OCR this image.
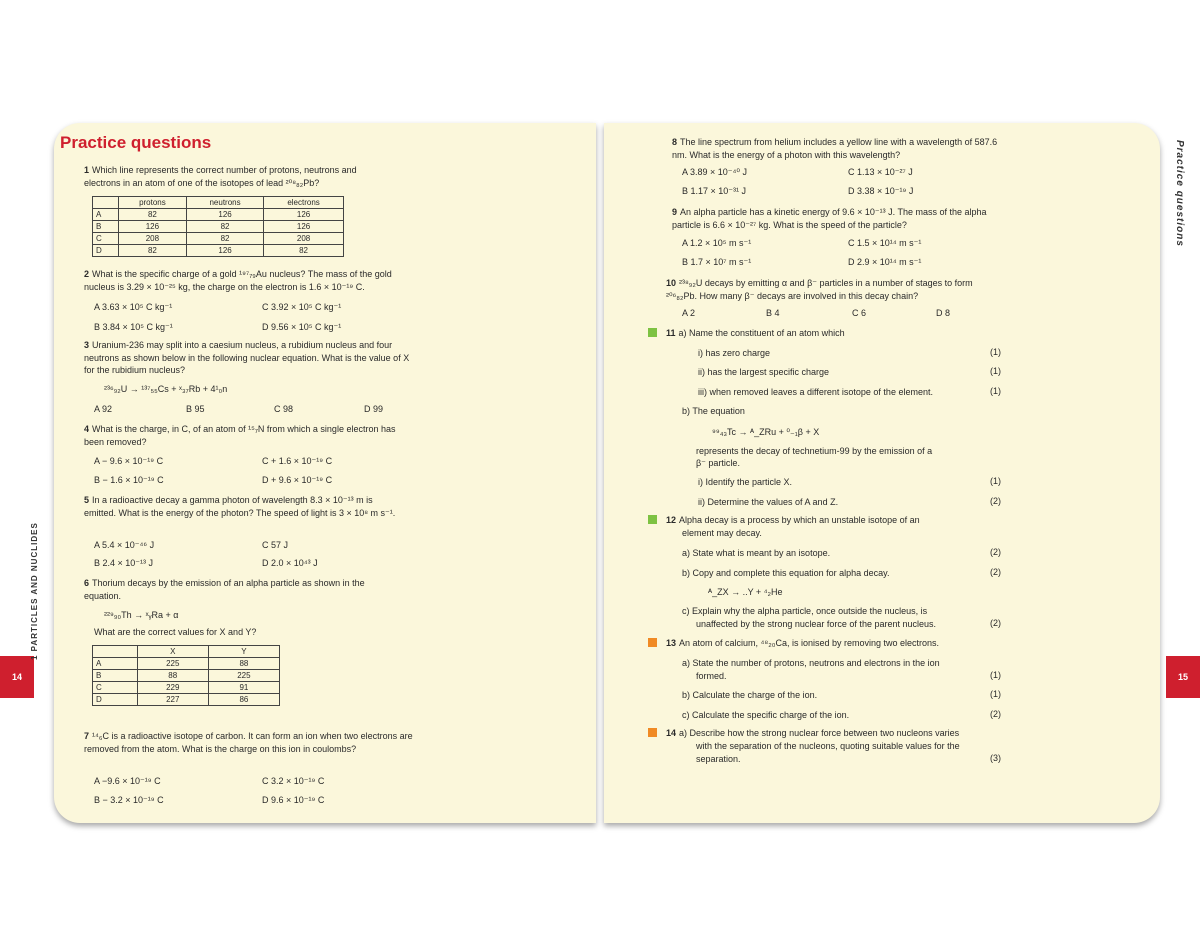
14	15
1 PARTICLES AND NUCLIDES
Practice questions
Practice questions
1 Which line represents the correct number of protons, neutrons and electrons in an atom of one of the isotopes of lead ²⁰⁸₈₂Pb?
	protons	neutrons	electrons
A	82	126	126
B	126	82	126
C	208	82	208
D	82	126	82
2 What is the specific charge of a gold ¹⁹⁷₇₉Au nucleus? The mass of the gold nucleus is 3.29 × 10⁻²⁵ kg, the charge on the electron is 1.6 × 10⁻¹⁹ C.
A 3.63 × 10⁵ C kg⁻¹	C 3.92 × 10⁵ C kg⁻¹
B 3.84 × 10⁵ C kg⁻¹	D 9.56 × 10⁵ C kg⁻¹
3 Uranium-236 may split into a caesium nucleus, a rubidium nucleus and four neutrons as shown below in the following nuclear equation. What is the value of X for the rubidium nucleus?
²³⁶₉₂U → ¹³⁷₅₅Cs + ˣ₃₇Rb + 4¹₀n
A 92	B 95	C 98	D 99
4 What is the charge, in C, of an atom of ¹⁵₇N from which a single electron has been removed?
A − 9.6 × 10⁻¹⁹ C	C + 1.6 × 10⁻¹⁹ C
B − 1.6 × 10⁻¹⁹ C	D + 9.6 × 10⁻¹⁹ C
5 In a radioactive decay a gamma photon of wavelength 8.3 × 10⁻¹³ m is emitted. What is the energy of the photon? The speed of light is 3 × 10⁸ m s⁻¹.
A 5.4 × 10⁻⁴⁶ J	C 57 J
B 2.4 × 10⁻¹³ J	D 2.0 × 10⁴³ J
6 Thorium decays by the emission of an alpha particle as shown in the equation.
²²⁹₉₀Th → ˣᵧRa + α
What are the correct values for X and Y?
	X	Y
A	225	88
B	88	225
C	229	91
D	227	86
7 ¹⁴₆C is a radioactive isotope of carbon. It can form an ion when two electrons are removed from the atom. What is the charge on this ion in coulombs?
A −9.6 × 10⁻¹⁹ C	C 3.2 × 10⁻¹⁹ C
B − 3.2 × 10⁻¹⁹ C	D 9.6 × 10⁻¹⁹ C
8 The line spectrum from helium includes a yellow line with a wavelength of 587.6 nm. What is the energy of a photon with this wavelength?
A 3.89 × 10⁻⁴⁰ J	C 1.13 × 10⁻²⁷ J
B 1.17 × 10⁻³¹ J	D 3.38 × 10⁻¹⁹ J
9 An alpha particle has a kinetic energy of 9.6 × 10⁻¹³ J. The mass of the alpha particle is 6.6 × 10⁻²⁷ kg. What is the speed of the particle?
A 1.2 × 10⁵ m s⁻¹	C 1.5 × 10¹⁴ m s⁻¹
B 1.7 × 10⁷ m s⁻¹	D 2.9 × 10¹⁴ m s⁻¹
10 ²³⁸₉₂U decays by emitting α and β⁻ particles in a number of stages to form ²⁰⁶₈₂Pb. How many β⁻ decays are involved in this decay chain?
A 2	B 4	C 6	D 8
11 a) Name the constituent of an atom which
i) has zero charge	(1)
ii) has the largest specific charge	(1)
iii) when removed leaves a different isotope of the element.	(1)
b) The equation
⁹⁹₄₃Tc → ᴬ_ZRu + ⁰₋₁β + X
represents the decay of technetium-99 by the emission of a
β⁻ particle.
i) Identify the particle X.	(1)
ii) Determine the values of A and Z.	(2)
12 Alpha decay is a process by which an unstable isotope of an
element may decay.
a) State what is meant by an isotope.	(2)
b) Copy and complete this equation for alpha decay.	(2)
ᴬ_ZX → ..Y + ⁴₂He
c) Explain why the alpha particle, once outside the nucleus, is
unaffected by the strong nuclear force of the parent nucleus.	(2)
13 An atom of calcium, ⁴⁸₂₀Ca, is ionised by removing two electrons.
a) State the number of protons, neutrons and electrons in the ion
formed.	(1)
b) Calculate the charge of the ion.	(1)
c) Calculate the specific charge of the ion.	(2)
14 a) Describe how the strong nuclear force between two nucleons varies
with the separation of the nucleons, quoting suitable values for the
separation.	(3)
